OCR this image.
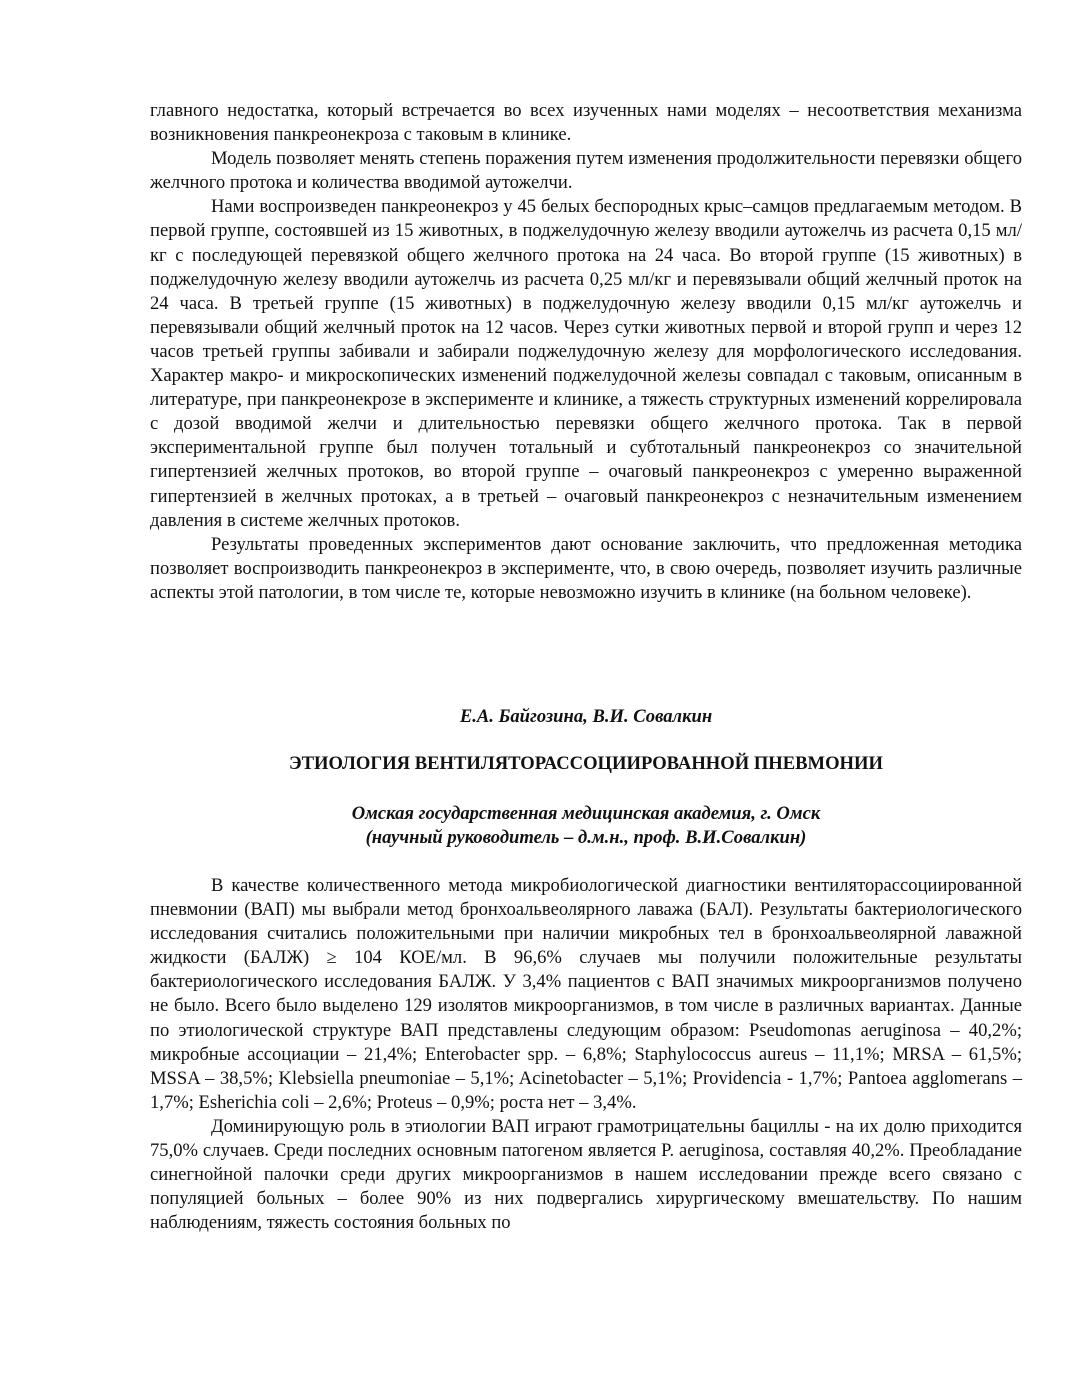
главного недостатка, который встречается во всех изученных нами моделях – несоответствия механизма возникновения панкреонекроза с таковым в клинике.

Модель позволяет менять степень поражения путем изменения продолжительности перевязки общего желчного протока и количества вводимой аутожелчи.

Нами воспроизведен панкреонекроз у 45 белых беспородных крыс–самцов предлагаемым методом. В первой группе, состоявшей из 15 животных, в поджелудочную железу вводили аутожелчь из расчета 0,15 мл/кг с последующей перевязкой общего желчного протока на 24 часа. Во второй группе (15 животных) в поджелудочную железу вводили аутожелчь из расчета 0,25 мл/кг и перевязывали общий желчный проток на 24 часа. В третьей группе (15 животных) в поджелудочную железу вводили 0,15 мл/кг аутожелчь и перевязывали общий желчный проток на 12 часов. Через сутки животных первой и второй групп и через 12 часов третьей группы забивали и забирали поджелудочную железу для морфологического исследования. Характер макро- и микроскопических изменений поджелудочной железы совпадал с таковым, описанным в литературе, при панкреонекрозе в эксперименте и клинике, а тяжесть структурных изменений коррелировала с дозой вводимой желчи и длительностью перевязки общего желчного протока. Так в первой экспериментальной группе был получен тотальный и субтотальный панкреонекроз со значительной гипертензией желчных протоков, во второй группе – очаговый панкреонекроз с умеренно выраженной гипертензией в желчных протоках, а в третьей – очаговый панкреонекроз с незначительным изменением давления в системе желчных протоков.

Результаты проведенных экспериментов дают основание заключить, что предложенная методика позволяет воспроизводить панкреонекроз в эксперименте, что, в свою очередь, позволяет изучить различные аспекты этой патологии, в том числе те, которые невозможно изучить в клинике (на больном человеке).

Е.А. Байгозина, В.И. Совалкин

ЭТИОЛОГИЯ ВЕНТИЛЯТОРАССОЦИИРОВАННОЙ ПНЕВМОНИИ

Омская государственная медицинская академия, г. Омск
(научный руководитель – д.м.н., проф. В.И.Совалкин)

В качестве количественного метода микробиологической диагностики вентиляторассоциированной пневмонии (ВАП) мы выбрали метод бронхоальвеолярного лаважа (БАЛ). Результаты бактериологического исследования считались положительными при наличии микробных тел в бронхоальвеолярной лаважной жидкости (БАЛЖ) ≥ 104 КОЕ/мл. В 96,6% случаев мы получили положительные результаты бактериологического исследования БАЛЖ. У 3,4% пациентов с ВАП значимых микроорганизмов получено не было. Всего было выделено 129 изолятов микроорганизмов, в том числе в различных вариантах. Данные по этиологической структуре ВАП представлены следующим образом: Pseudomonas aeruginosa – 40,2%; микробные ассоциации – 21,4%; Enterobacter spp. – 6,8%; Staphylococcus aureus – 11,1%; MRSA – 61,5%; MSSA – 38,5%; Klebsiella pneumoniae – 5,1%; Acinetobacter – 5,1%; Providencia - 1,7%; Pantoea agglomerans – 1,7%; Esherichia coli – 2,6%; Proteus – 0,9%; роста нет – 3,4%.

Доминирующую роль в этиологии ВАП играют грамотрицательны бациллы - на их долю приходится 75,0% случаев. Среди последних основным патогеном является P. aeruginosa, составляя 40,2%. Преобладание синегнойной палочки среди других микроорганизмов в нашем исследовании прежде всего связано с популяцией больных – более 90% из них подвергались хирургическому вмешательству. По нашим наблюдениям, тяжесть состояния больных по
